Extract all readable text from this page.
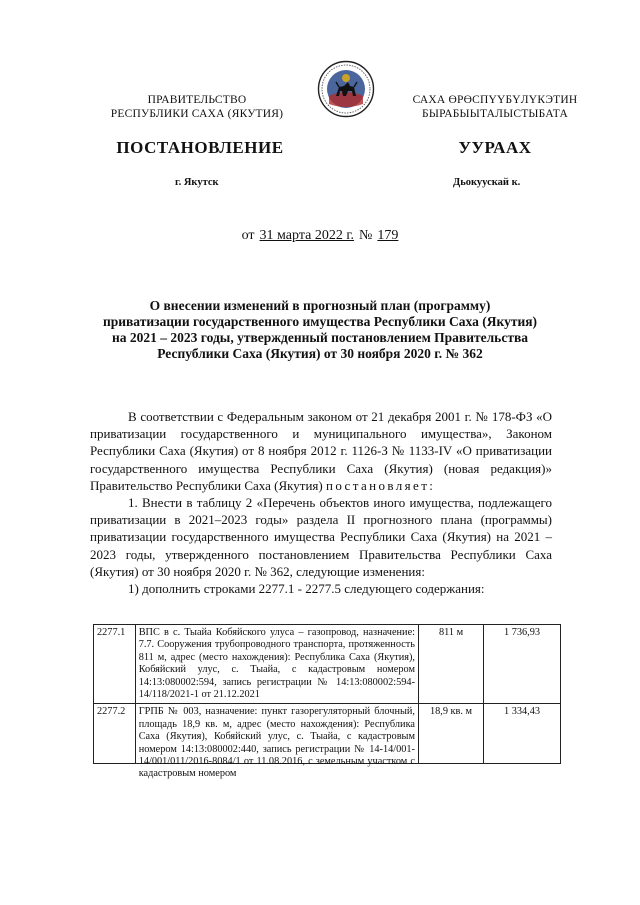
ПРАВИТЕЛЬСТВО
РЕСПУБЛИКИ САХА (ЯКУТИЯ)
САХА ӨРӨСПҮҮБҮЛҮКЭТИН
БЫРАБЫЫТАЛЫСТЫБАТА
ПОСТАНОВЛЕНИЕ	УУРААХ
г. Якутск	Дьокуускай к.
от 31 марта 2022 г. № 179
О внесении изменений в прогнозный план (программу)
приватизации государственного имущества Республики Саха (Якутия)
на 2021 – 2023 годы, утвержденный постановлением Правительства
Республики Саха (Якутия) от 30 ноября 2020 г. № 362

В соответствии с Федеральным законом от 21 декабря 2001 г. № 178-ФЗ «О приватизации государственного и муниципального имущества», Законом Республики Саха (Якутия) от 8 ноября 2012 г. 1126-З № 1133-IV «О приватизации государственного имущества Республики Саха (Якутия) (новая редакция)» Правительство Республики Саха (Якутия) постановляет:

1. Внести в таблицу 2 «Перечень объектов иного имущества, подлежащего приватизации в 2021–2023 годы» раздела II прогнозного плана (программы) приватизации государственного имущества Республики Саха (Якутия) на 2021 – 2023 годы, утвержденного постановлением Правительства Республики Саха (Якутия) от 30 ноября 2020 г. № 362, следующие изменения:

1) дополнить строками 2277.1 - 2277.5 следующего содержания:

2277.1	ВПС в с. Тыайа Кобяйского улуса – газопровод, назначение: 7.7. Сооружения трубопроводного транспорта, протяженность 811 м, адрес (место нахождения): Республика Саха (Якутия), Кобяйский улус, с. Тыайа, с кадастровым номером 14:13:080002:594, запись регистрации № 14:13:080002:594-14/118/2021-1 от 21.12.2021	811 м	1 736,93
2277.2	ГРПБ № 003, назначение: пункт газорегуляторный блочный, площадь 18,9 кв. м, адрес (место нахождения): Республика Саха (Якутия), Кобяйский улус, с. Тыайа, с кадастровым номером 14:13:080002:440, запись регистрации № 14-14/001-14/001/011/2016-8084/1 от 11.08.2016, с земельным участком с кадастровым номером	18,9 кв. м	1 334,43
